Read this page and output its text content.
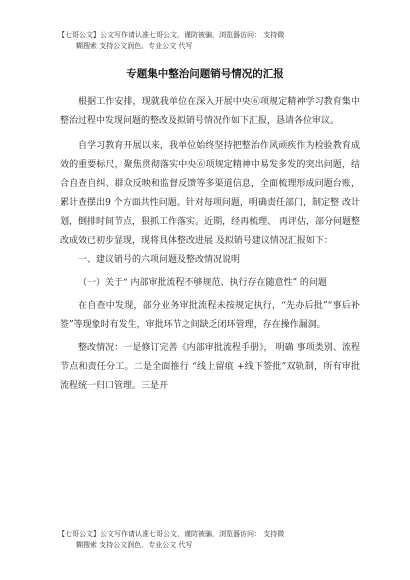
【七哥公文】公文写作请认准七哥公文，谨防被骗，浏览器访问： 支持微
糊搜索 支持公文润色、专业公文 代写
专题集中整治问题销号情况的汇报

根据工作安排，现就我单位在深入开展中央⑥项规定精神学习教育集中整治过程中发现问题的整改及拟销号情况作如下汇报，恳请各位审议。

自学习教育开展以来，我单位始终坚持把整治作风顽疾作为检验教育成效的重要标尺，聚焦贯彻落实中央⑥项规定精神中易发多发的突出问题，结合自查自纠、群众反映和监督反馈等多渠道信息，全面梳理形成问题台账，累计查摆出9 个方面共性问题。针对每项问题，明确责任部门，制定整 改计划，倒排时间节点，狠抓工作落实。近期，经再梳理、 再评估，部分问题整改成效已初步显现，现将具体整改进展 及拟销号建议情况汇报如下：

一、建议销号的六项问题及整改情况说明

（一）关于“ 内部审批流程不够规范、执行存在随意性” 的问题

在自查中发现，部分业务审批流程未按规定执行，“先办后批”“事后补签”等现象时有发生，审批环节之间缺乏闭环管理，存在操作漏洞。

整改情况：一是修订完善《内部审批流程手册》， 明确 事项类别、流程节点和责任分工。二是全面推行 “线上留痕 +线下签批”双轨制，所有审批流程统一归口管理。三是开

【七哥公文】公文写作请认准七哥公文，谨防被骗，浏览器访问： 支持微
糊搜索 支持公文润色、专业公文 代写
